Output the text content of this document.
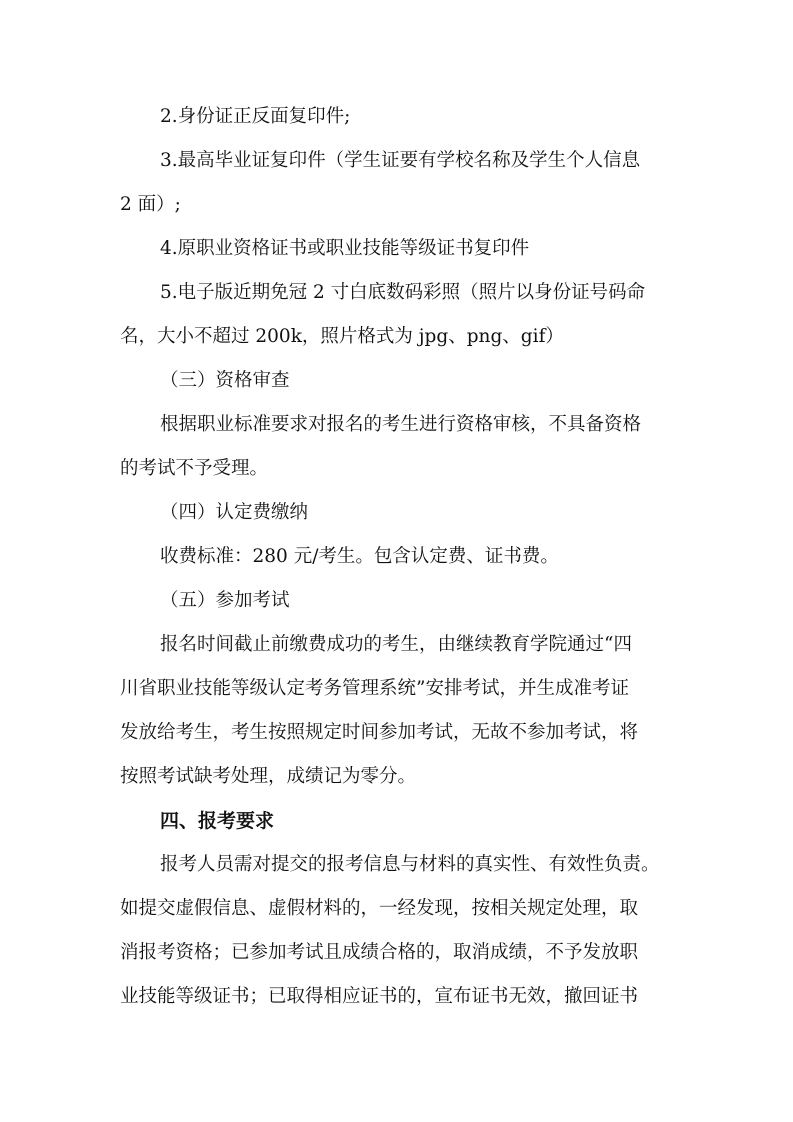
2.身份证正反面复印件;
3.最高毕业证复印件（学生证要有学校名称及学生个人信息
2 面）;
4.原职业资格证书或职业技能等级证书复印件
5.电子版近期免冠 2 寸白底数码彩照（照片以身份证号码命
名，大小不超过 200k，照片格式为 jpg、png、gif）
（三）资格审查
根据职业标准要求对报名的考生进行资格审核，不具备资格
的考试不予受理。
（四）认定费缴纳
收费标准：280 元/考生。包含认定费、证书费。
（五）参加考试
报名时间截止前缴费成功的考生，由继续教育学院通过“四
川省职业技能等级认定考务管理系统”安排考试，并生成准考证
发放给考生，考生按照规定时间参加考试，无故不参加考试，将
按照考试缺考处理，成绩记为零分。
四、报考要求
报考人员需对提交的报考信息与材料的真实性、有效性负责。
如提交虚假信息、虚假材料的，一经发现，按相关规定处理，取
消报考资格；已参加考试且成绩合格的，取消成绩，不予发放职
业技能等级证书；已取得相应证书的，宣布证书无效，撤回证书
